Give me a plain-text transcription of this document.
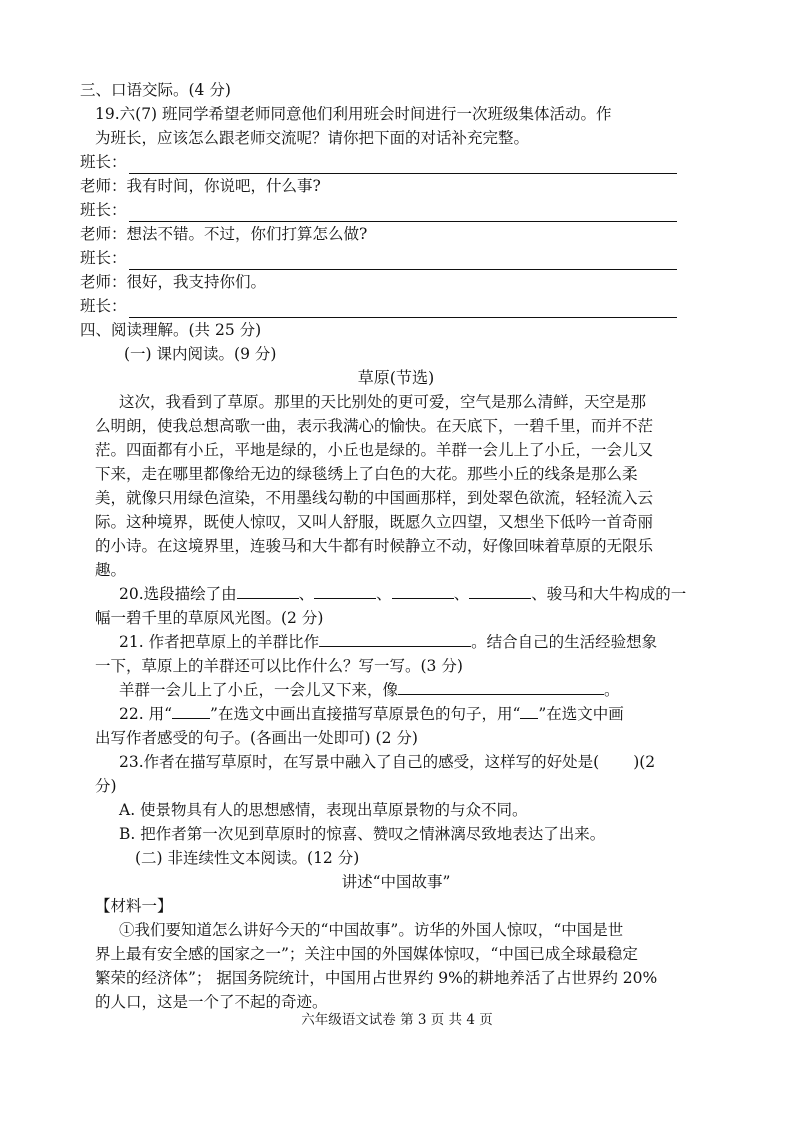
三、口语交际。(4 分)

19.六(7) 班同学希望老师同意他们利用班会时间进行一次班级集体活动。作

为班长，应该怎么跟老师交流呢？请你把下面的对话补充完整。

班长：
老师：我有时间，你说吧，什么事?
班长：
老师：想法不错。不过，你们打算怎么做?
班长：
老师：很好，我支持你们。
班长：

四、阅读理解。(共 25 分)

(一) 课内阅读。(9 分)

草原(节选)

这次，我看到了草原。那里的天比别处的更可爱，空气是那么清鲜，天空是那

么明朗，使我总想高歌一曲，表示我满心的愉快。在天底下，一碧千里，而并不茫

茫。四面都有小丘，平地是绿的，小丘也是绿的。羊群一会儿上了小丘，一会儿又

下来，走在哪里都像给无边的绿毯绣上了白色的大花。那些小丘的线条是那么柔

美，就像只用绿色渲染，不用墨线勾勒的中国画那样，到处翠色欲流，轻轻流入云

际。这种境界，既使人惊叹，又叫人舒服，既愿久立四望，又想坐下低吟一首奇丽

的小诗。在这境界里，连骏马和大牛都有时候静立不动，好像回味着草原的无限乐

趣。

20.选段描绘了由	、	、	、	、骏马和大牛构成的一

幅一碧千里的草原风光图。(2 分)

21. 作者把草原上的羊群比作	。结合自己的生活经验想象

一下，草原上的羊群还可以比作什么？写一写。(3 分)

羊群一会儿上了小丘，一会儿又下来，像	。

22. 用“ ”在选文中画出直接描写草原景色的句子，用“ ”在选文中画

出写作者感受的句子。(各画出一处即可) (2 分)

23.作者在描写草原时，在写景中融入了自己的感受，这样写的好处是( )(2

分)

A. 使景物具有人的思想感情，表现出草原景物的与众不同。

B. 把作者第一次见到草原时的惊喜、赞叹之情淋漓尽致地表达了出来。

(二) 非连续性文本阅读。(12 分)

讲述“中国故事”

【材料一】

①我们要知道怎么讲好今天的“中国故事”。访华的外国人惊叹，“中国是世

界上最有安全感的国家之一”；关注中国的外国媒体惊叹，“中国已成全球最稳定

繁荣的经济体”； 据国务院统计，中国用占世界约 9%的耕地养活了占世界约 20%

的人口，这是一个了不起的奇迹。

六年级语文试卷 第 3 页 共 4 页
